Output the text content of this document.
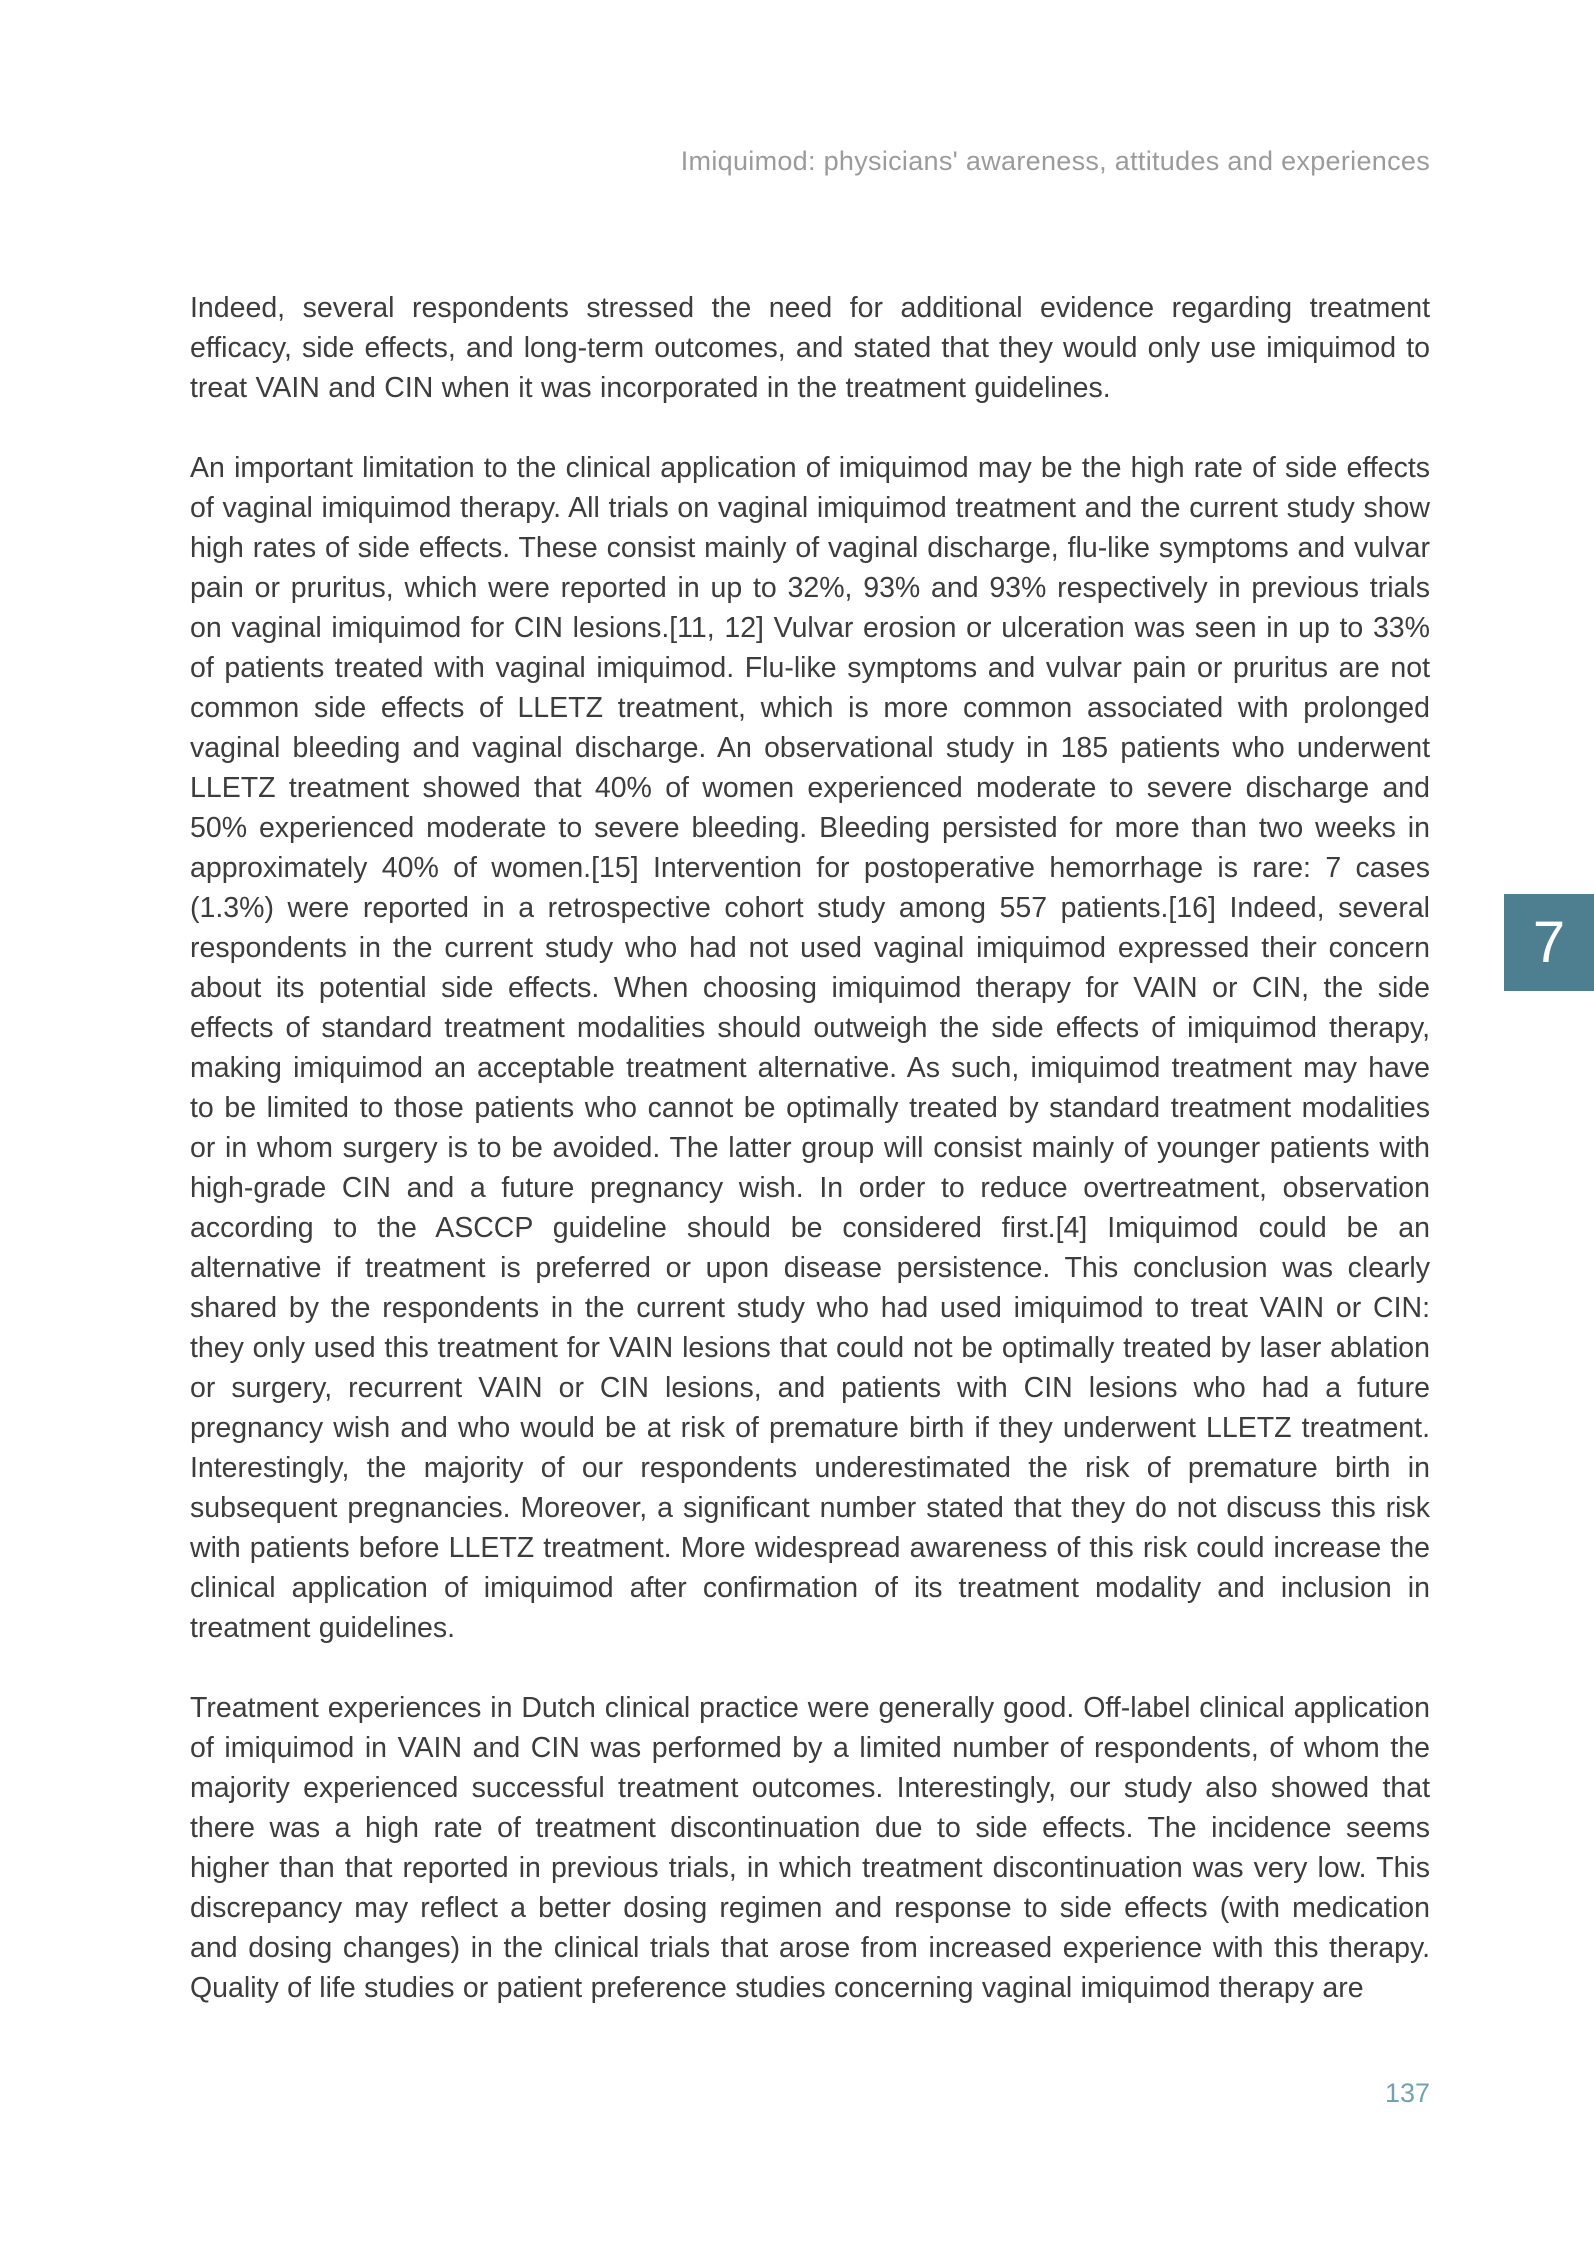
Imiquimod: physicians' awareness, attitudes and experiences

Indeed, several respondents stressed the need for additional evidence regarding treatment efficacy, side effects, and long-term outcomes, and stated that they would only use imiquimod to treat VAIN and CIN when it was incorporated in the treatment guidelines.

An important limitation to the clinical application of imiquimod may be the high rate of side effects of vaginal imiquimod therapy. All trials on vaginal imiquimod treatment and the current study show high rates of side effects. These consist mainly of vaginal discharge, flu-like symptoms and vulvar pain or pruritus, which were reported in up to 32%, 93% and 93% respectively in previous trials on vaginal imiquimod for CIN lesions.[11, 12] Vulvar erosion or ulceration was seen in up to 33% of patients treated with vaginal imiquimod. Flu-like symptoms and vulvar pain or pruritus are not common side effects of LLETZ treatment, which is more common associated with prolonged vaginal bleeding and vaginal discharge. An observational study in 185 patients who underwent LLETZ treatment showed that 40% of women experienced moderate to severe discharge and 50% experienced moderate to severe bleeding. Bleeding persisted for more than two weeks in approximately 40% of women.[15] Intervention for postoperative hemorrhage is rare: 7 cases (1.3%) were reported in a retrospective cohort study among 557 patients.[16] Indeed, several respondents in the current study who had not used vaginal imiquimod expressed their concern about its potential side effects. When choosing imiquimod therapy for VAIN or CIN, the side effects of standard treatment modalities should outweigh the side effects of imiquimod therapy, making imiquimod an acceptable treatment alternative. As such, imiquimod treatment may have to be limited to those patients who cannot be optimally treated by standard treatment modalities or in whom surgery is to be avoided. The latter group will consist mainly of younger patients with high-grade CIN and a future pregnancy wish. In order to reduce overtreatment, observation according to the ASCCP guideline should be considered first.[4] Imiquimod could be an alternative if treatment is preferred or upon disease persistence. This conclusion was clearly shared by the respondents in the current study who had used imiquimod to treat VAIN or CIN: they only used this treatment for VAIN lesions that could not be optimally treated by laser ablation or surgery, recurrent VAIN or CIN lesions, and patients with CIN lesions who had a future pregnancy wish and who would be at risk of premature birth if they underwent LLETZ treatment. Interestingly, the majority of our respondents underestimated the risk of premature birth in subsequent pregnancies. Moreover, a significant number stated that they do not discuss this risk with patients before LLETZ treatment. More widespread awareness of this risk could increase the clinical application of imiquimod after confirmation of its treatment modality and inclusion in treatment guidelines.

Treatment experiences in Dutch clinical practice were generally good. Off-label clinical application of imiquimod in VAIN and CIN was performed by a limited number of respondents, of whom the majority experienced successful treatment outcomes. Interestingly, our study also showed that there was a high rate of treatment discontinuation due to side effects. The incidence seems higher than that reported in previous trials, in which treatment discontinuation was very low. This discrepancy may reflect a better dosing regimen and response to side effects (with medication and dosing changes) in the clinical trials that arose from increased experience with this therapy. Quality of life studies or patient preference studies concerning vaginal imiquimod therapy are

7
137
